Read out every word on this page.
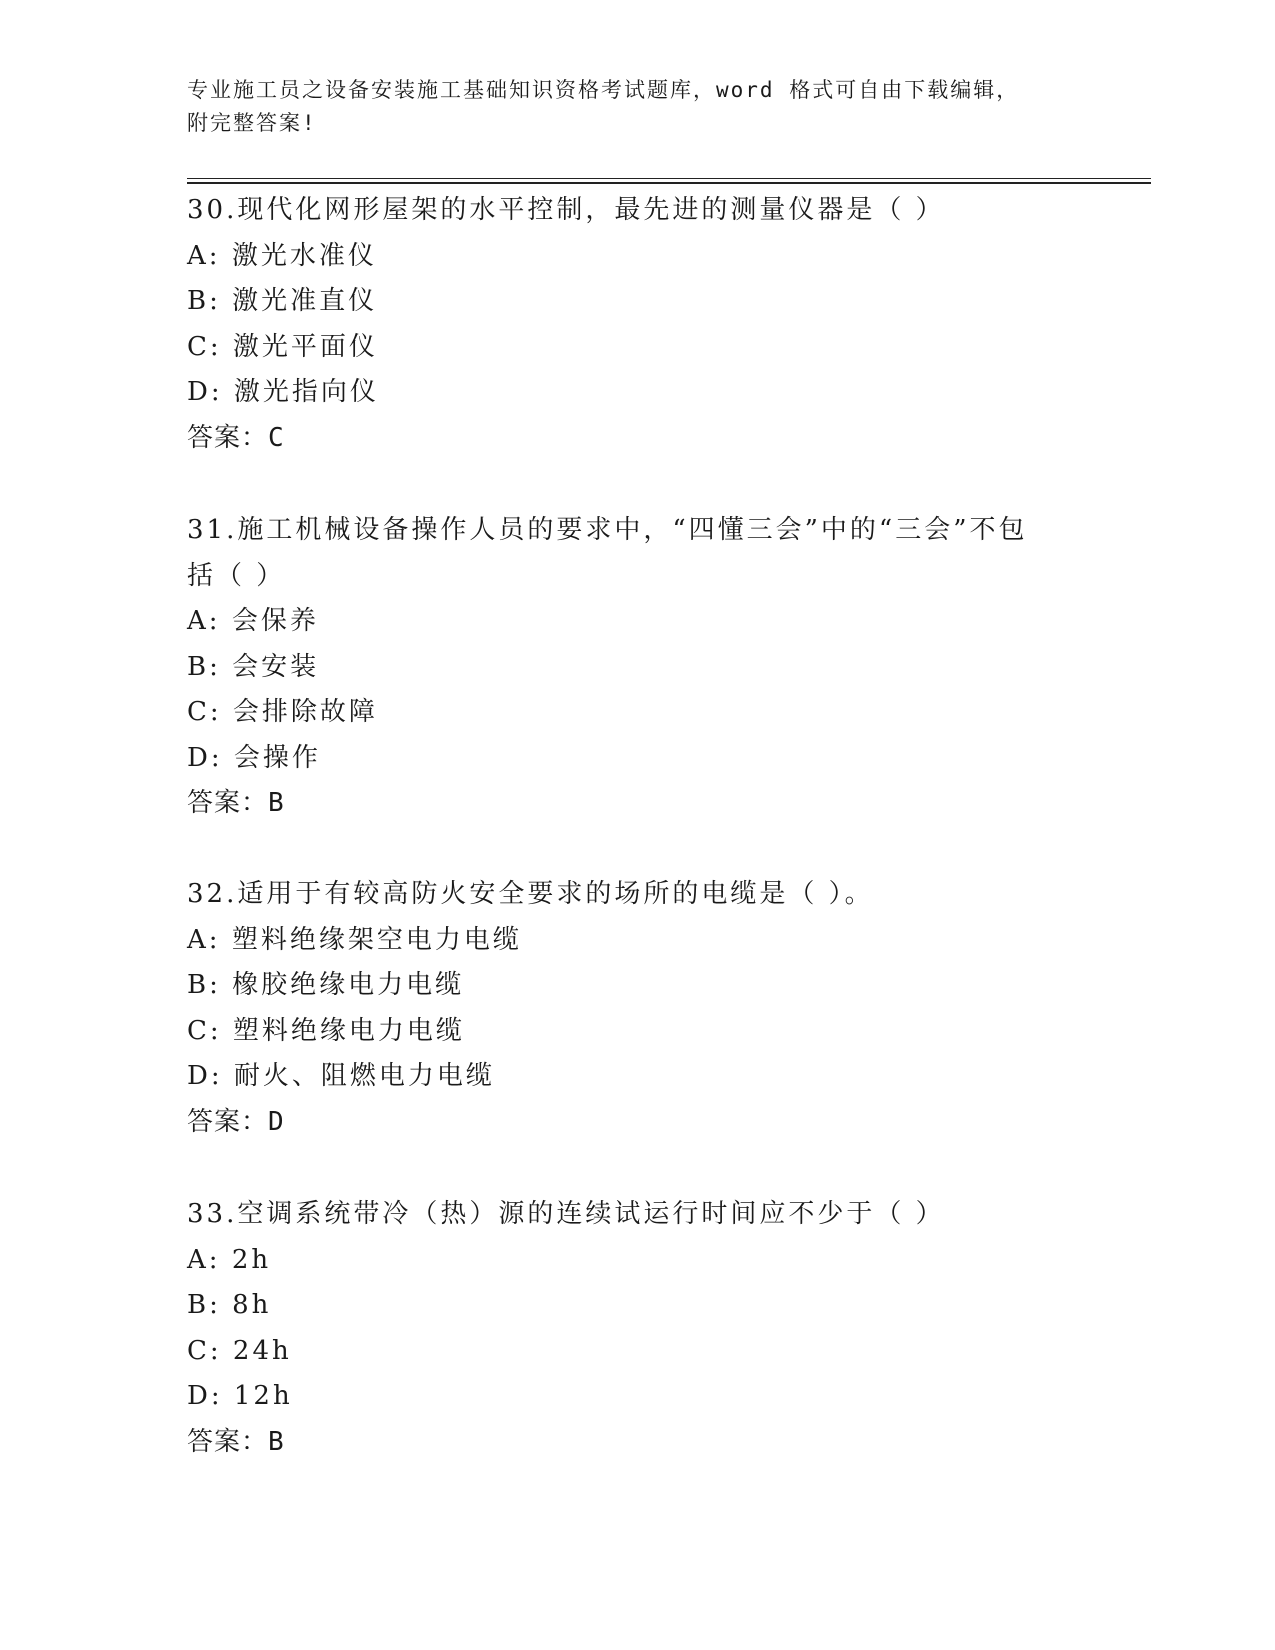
专业施工员之设备安装施工基础知识资格考试题库，word 格式可自由下载编辑，
附完整答案!
30.现代化网形屋架的水平控制，最先进的测量仪器是（ ）
A: 激光水准仪
B: 激光准直仪
C: 激光平面仪
D: 激光指向仪
答案：C
31.施工机械设备操作人员的要求中，“四懂三会”中的“三会”不包
括（ ）
A: 会保养
B: 会安装
C: 会排除故障
D: 会操作
答案：B
32.适用于有较高防火安全要求的场所的电缆是（ ）。
A: 塑料绝缘架空电力电缆
B: 橡胶绝缘电力电缆
C: 塑料绝缘电力电缆
D: 耐火、阻燃电力电缆
答案：D
33.空调系统带冷（热）源的连续试运行时间应不少于（ ）
A: 2h
B: 8h
C: 24h
D: 12h
答案：B
